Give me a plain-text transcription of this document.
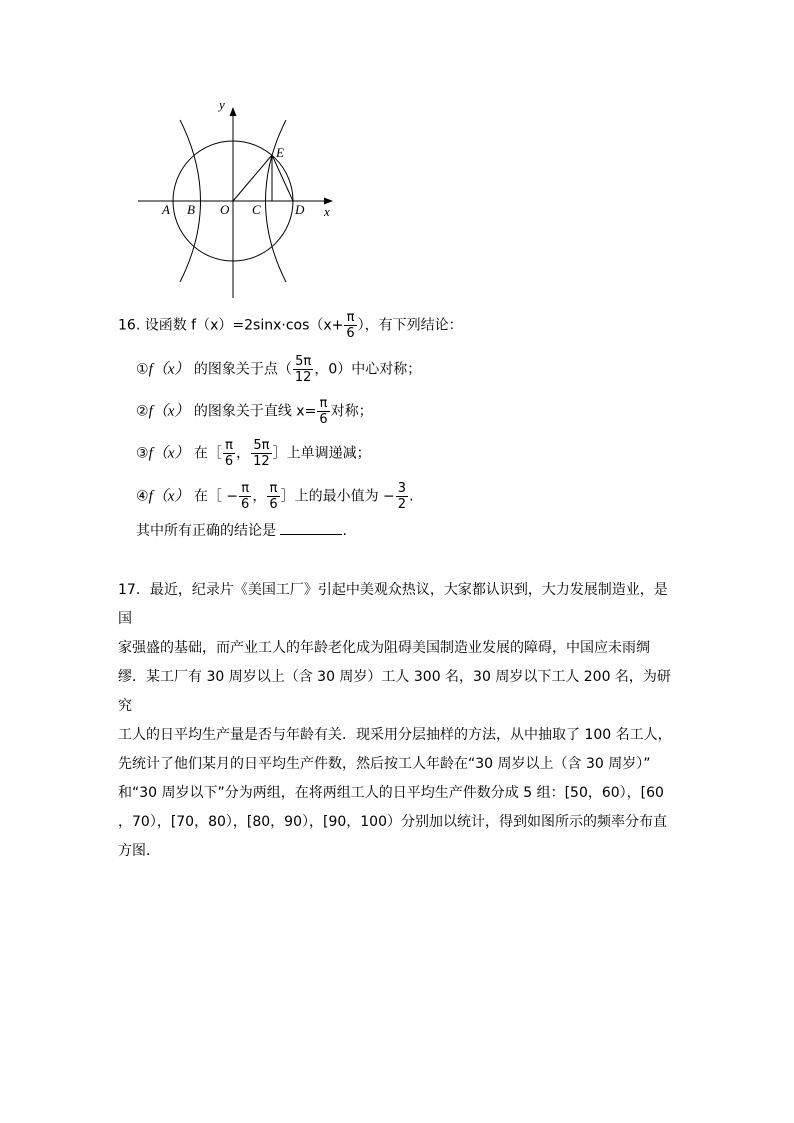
y
x
A B O C	D
E
16. 设函数 $f(x)=2\sin x\cdot\cos(x+ \frac{\pi}{6}$ ），有下列结论：
①f（x） 的图象关于点（ $\frac{5\pi}{12}$ ，0）中心对称；
②f（x） 的图象关于直线 $x= \frac{\pi}{6}$ 对称；
③f（x） 在［ $\frac{\pi}{6}$ ， $\frac{5\pi}{12}$ ］上单调递减；
④f（x） 在［ − $\frac{\pi}{6}$ ， $\frac{\pi}{6}$ ］上的最小值为 − $\frac{3}{2}$ .
其中所有正确的结论是	.
17．最近，纪录片《美国工厂》引起中美观众热议，大家都认识到，大力发展制造业，是国
家强盛的基础，而产业工人的年龄老化成为阻碍美国制造业发展的障碍，中国应未雨绸
缪．某工厂有 30 周岁以上（含 30 周岁）工人 300 名，30 周岁以下工人 200 名，为研究
工人的日平均生产量是否与年龄有关．现采用分层抽样的方法，从中抽取了 100 名工人，
先统计了他们某月的日平均生产件数，然后按工人年龄在“30 周岁以上（含 30 周岁）”
和“30 周岁以下”分为两组，在将两组工人的日平均生产件数分成 5 组：[50，60），[60
，70），[70，80），[80，90），[90，100）分别加以统计，得到如图所示的频率分布直
方图．
